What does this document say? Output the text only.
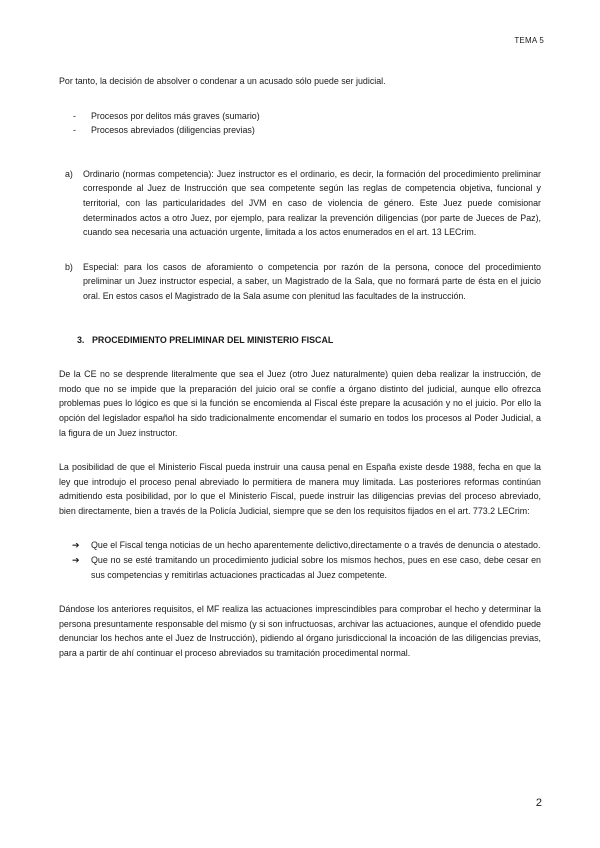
TEMA 5

Por tanto, la decisión de absolver o condenar a un acusado sólo puede ser judicial.

- Procesos por delitos más graves (sumario)
- Procesos abreviados (diligencias previas)
a) Ordinario (normas competencia): Juez instructor es el ordinario, es decir, la formación del procedimiento preliminar corresponde al Juez de Instrucción que sea competente según las reglas de competencia objetiva, funcional y territorial, con las particularidades del JVM en caso de violencia de género. Este Juez puede comisionar determinados actos a otro Juez, por ejemplo, para realizar la prevención diligencias (por parte de Jueces de Paz), cuando sea necesaria una actuación urgente, limitada a los actos enumerados en el art. 13 LECrim.
b) Especial: para los casos de aforamiento o competencia por razón de la persona, conoce del procedimiento preliminar un Juez instructor especial, a saber, un Magistrado de la Sala, que no formará parte de ésta en el juicio oral. En estos casos el Magistrado de la Sala asume con plenitud las facultades de la instrucción.
3. PROCEDIMIENTO PRELIMINAR DEL MINISTERIO FISCAL

De la CE no se desprende literalmente que sea el Juez (otro Juez naturalmente) quien deba realizar la instrucción, de modo que no se impide que la preparación del juicio oral se confíe a órgano distinto del judicial, aunque ello ofrezca problemas pues lo lógico es que si la función se encomienda al Fiscal éste prepare la acusación y no el juicio. Por ello la opción del legislador español ha sido tradicionalmente encomendar el sumario en todos los procesos al Poder Judicial, a la figura de un Juez instructor.

La posibilidad de que el Ministerio Fiscal pueda instruir una causa penal en España existe desde 1988, fecha en que la ley que introdujo el proceso penal abreviado lo permitiera de manera muy limitada. Las posteriores reformas continúan admitiendo esta posibilidad, por lo que el Ministerio Fiscal, puede instruir las diligencias previas del proceso abreviado, bien directamente, bien a través de la Policía Judicial, siempre que se den los requisitos fijados en el art. 773.2 LECrim:

➔ Que el Fiscal tenga noticias de un hecho aparentemente delictivo,directamente o a través de denuncia o atestado.
➔ Que no se esté tramitando un procedimiento judicial sobre los mismos hechos, pues en ese caso, debe cesar en sus competencias y remitirlas actuaciones practicadas al Juez competente.

Dándose los anteriores requisitos, el MF realiza las actuaciones imprescindibles para comprobar el hecho y determinar la persona presuntamente responsable del mismo (y si son infructuosas, archivar las actuaciones, aunque el ofendido puede denunciar los hechos ante el Juez de Instrucción), pidiendo al órgano jurisdiccional la incoación de las diligencias previas, para a partir de ahí continuar el proceso abreviados su tramitación procedimental normal.

2
